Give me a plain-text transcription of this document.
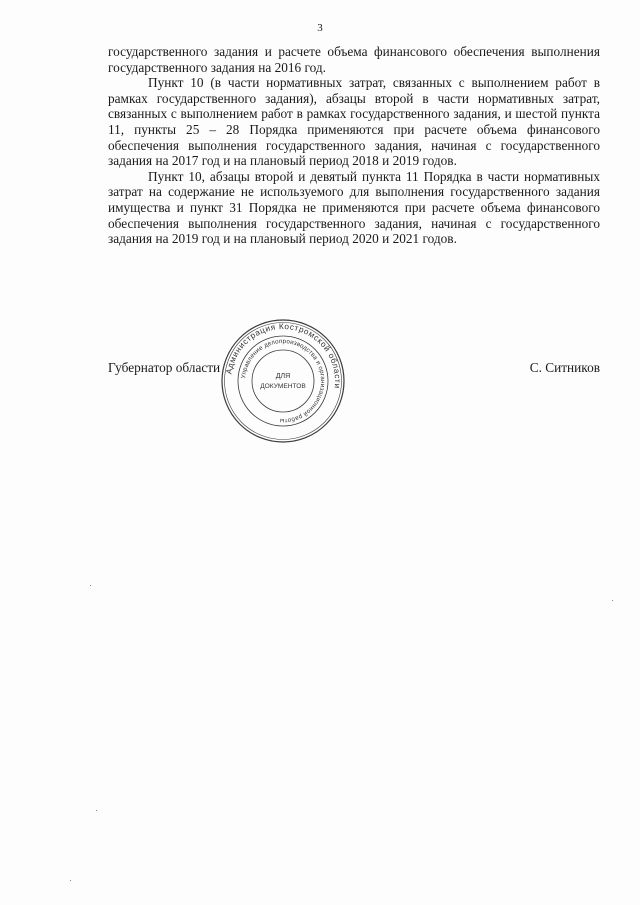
3

государственного задания и расчете объема финансового обеспечения выполнения государственного задания на 2016 год.

Пункт 10 (в части нормативных затрат, связанных с выполнением работ в рамках государственного задания), абзацы второй в части нормативных затрат, связанных с выполнением работ в рамках государственного задания, и шестой пункта 11, пункты 25 – 28 Порядка применяются при расчете объема финансового обеспечения выполнения государственного задания, начиная с государственного задания на 2017 год и на плановый период 2018 и 2019 годов.

Пункт 10, абзацы второй и девятый пункта 11 Порядка в части нормативных затрат на содержание не используемого для выполнения государственного задания имущества и пункт 31 Порядка не применяются при расчете объема финансового обеспечения выполнения государственного задания, начиная с государственного задания на 2019 год и на плановый период 2020 и 2021 годов.

Губернатор области	С. Ситников
Администрация Костромской области
Управление делопроизводства и организационной работы
ДЛЯ
ДОКУМЕНТОВ
